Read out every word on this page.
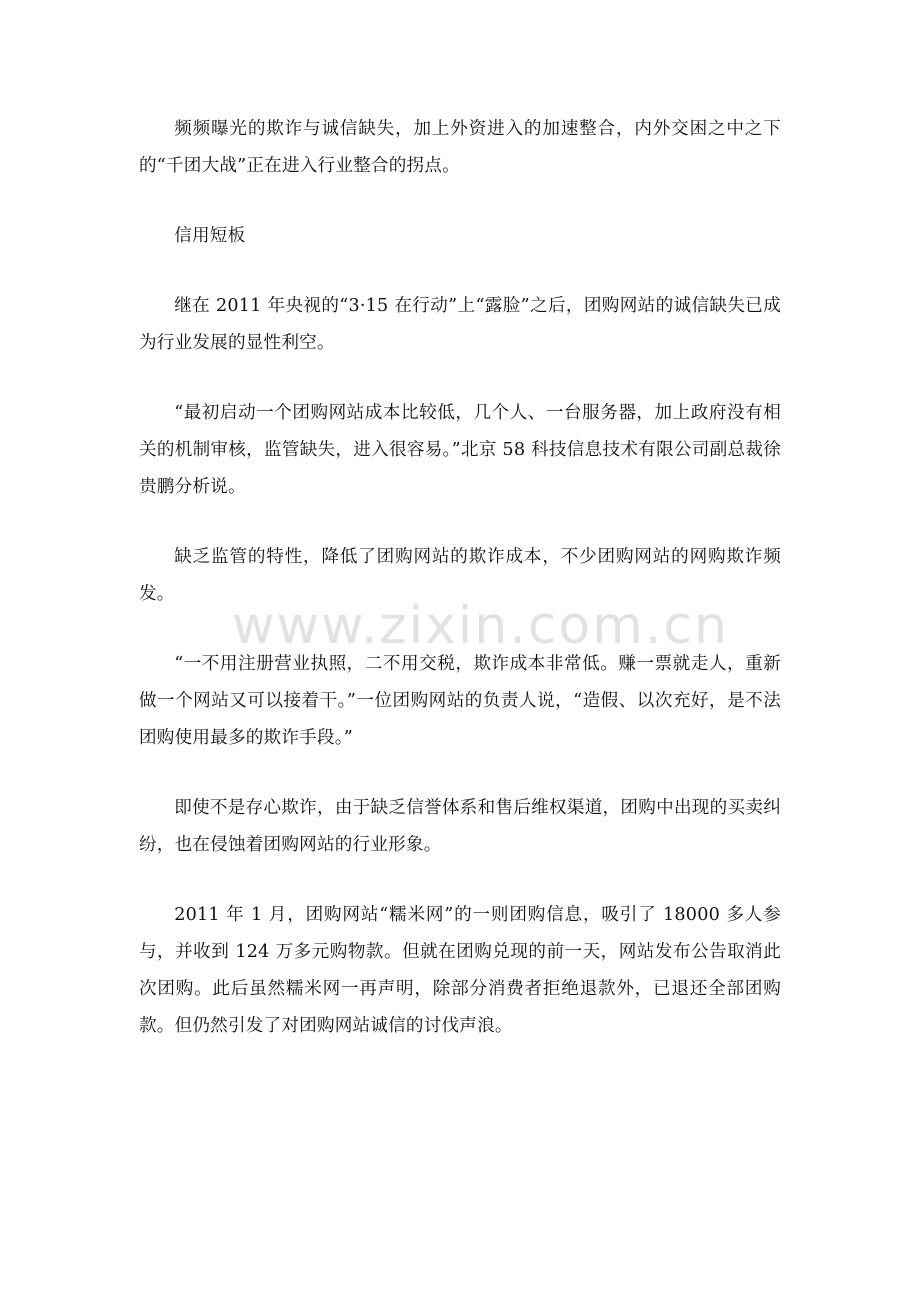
频频曝光的欺诈与诚信缺失，加上外资进入的加速整合，内外交困之中之下的“千团大战”正在进入行业整合的拐点。

信用短板

继在 2011 年央视的“3·15 在行动”上“露脸”之后，团购网站的诚信缺失已成为行业发展的显性利空。

“最初启动一个团购网站成本比较低，几个人、一台服务器，加上政府没有相关的机制审核，监管缺失，进入很容易。”北京 58 科技信息技术有限公司副总裁徐贵鹏分析说。

缺乏监管的特性，降低了团购网站的欺诈成本，不少团购网站的网购欺诈频发。

“一不用注册营业执照，二不用交税，欺诈成本非常低。赚一票就走人，重新做一个网站又可以接着干。”一位团购网站的负责人说，“造假、以次充好，是不法团购使用最多的欺诈手段。”

即使不是存心欺诈，由于缺乏信誉体系和售后维权渠道，团购中出现的买卖纠纷，也在侵蚀着团购网站的行业形象。

2011 年 1 月，团购网站“糯米网”的一则团购信息，吸引了 18000 多人参与，并收到 124 万多元购物款。但就在团购兑现的前一天，网站发布公告取消此次团购。此后虽然糯米网一再声明，除部分消费者拒绝退款外，已退还全部团购款。但仍然引发了对团购网站诚信的讨伐声浪。

www.zixin.com.cn
